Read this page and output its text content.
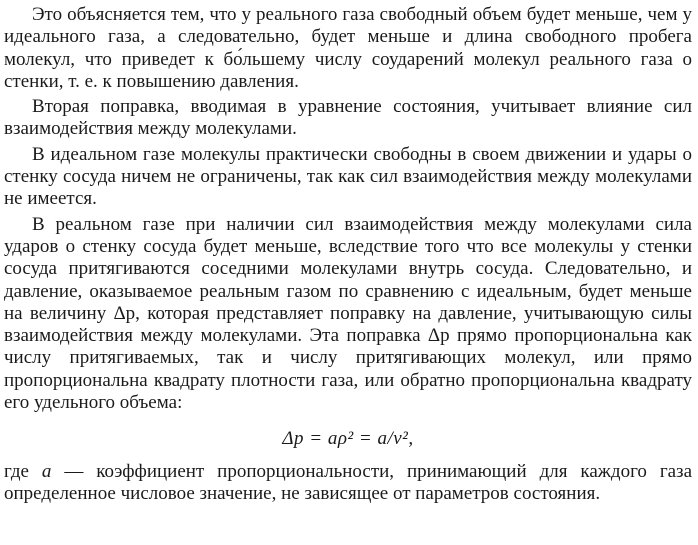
Это объясняется тем, что у реального газа свободный объем будет меньше, чем у идеального газа, а следовательно, будет меньше и длина свободного пробега молекул, что приведет к бо́льшему числу соударений молекул реального газа о стенки, т. е. к повышению давления.

Вторая поправка, вводимая в уравнение состояния, учитывает влияние сил взаимодействия между молекулами.

В идеальном газе молекулы практически свободны в своем движении и удары о стенку сосуда ничем не ограничены, так как сил взаимодействия между молекулами не имеется.

В реальном газе при наличии сил взаимодействия между молекулами сила ударов о стенку сосуда будет меньше, вследствие того что все молекулы у стенки сосуда притягиваются соседними молекулами внутрь сосуда. Следовательно, и давление, оказываемое реальным газом по сравнению с идеальным, будет меньше на величину Δp, которая представляет поправку на давление, учитывающую силы взаимодействия между молекулами. Эта поправка Δp прямо пропорциональна как числу притягиваемых, так и числу притягивающих молекул, или прямо пропорциональна квадрату плотности газа, или обратно пропорциональна квадрату его удельного объема:

Δp = aρ² = a/v²,

где a — коэффициент пропорциональности, принимающий для каждого газа определенное числовое значение, не зависящее от параметров состояния.
